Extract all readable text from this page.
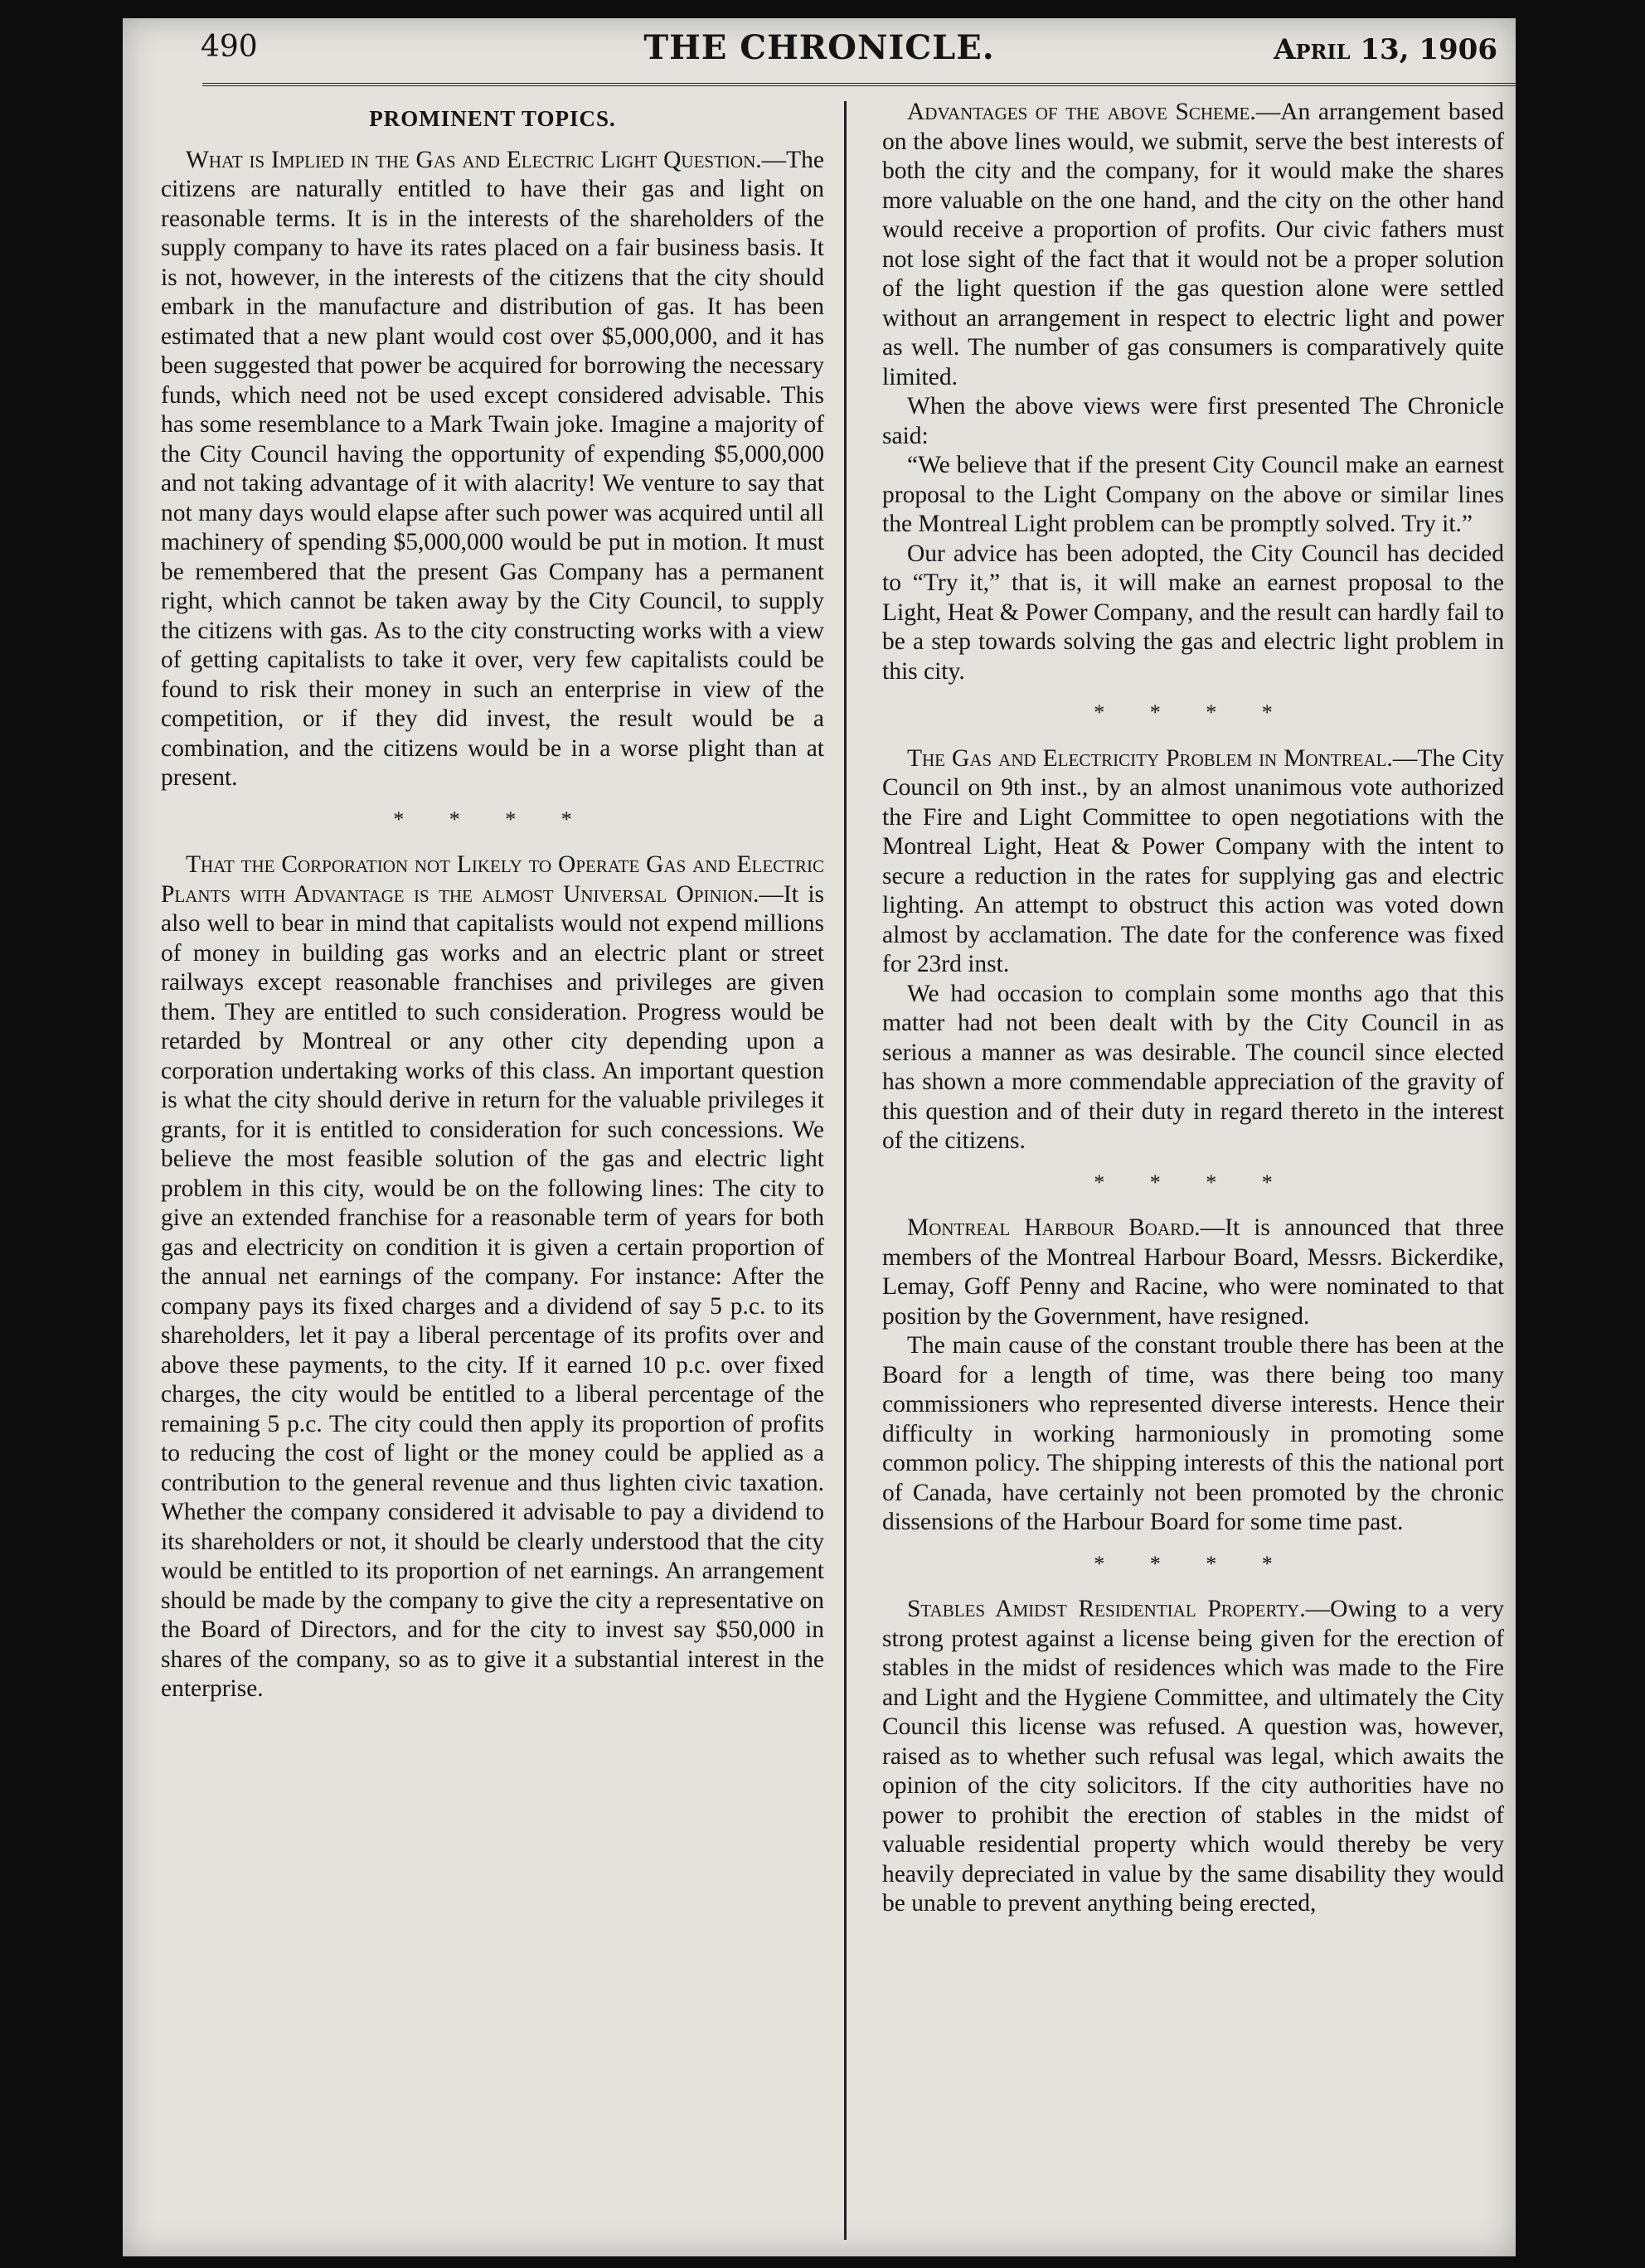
490	THE CHRONICLE.	April 13, 1906
PROMINENT TOPICS.

What is Implied in the Gas and Electric Light Question.—The citizens are naturally entitled to have their gas and light on reasonable terms. It is in the interests of the shareholders of the supply company to have its rates placed on a fair business basis. It is not, however, in the interests of the citizens that the city should embark in the manufacture and distribution of gas. It has been estimated that a new plant would cost over $5,000,000, and it has been suggested that power be acquired for borrowing the necessary funds, which need not be used except considered advisable. This has some resemblance to a Mark Twain joke. Imagine a majority of the City Council having the opportunity of expending $5,000,000 and not taking advantage of it with alacrity! We venture to say that not many days would elapse after such power was acquired until all machinery of spending $5,000,000 would be put in motion. It must be remembered that the present Gas Company has a permanent right, which cannot be taken away by the City Council, to supply the citizens with gas. As to the city constructing works with a view of getting capitalists to take it over, very few capitalists could be found to risk their money in such an enterprise in view of the competition, or if they did invest, the result would be a combination, and the citizens would be in a worse plight than at present.

* * * *

That the Corporation not Likely to Operate Gas and Electric Plants with Advantage is the almost Universal Opinion.—It is also well to bear in mind that capitalists would not expend millions of money in building gas works and an electric plant or street railways except reasonable franchises and privileges are given them. They are entitled to such consideration. Progress would be retarded by Montreal or any other city depending upon a corporation undertaking works of this class. An important question is what the city should derive in return for the valuable privileges it grants, for it is entitled to consideration for such concessions. We believe the most feasible solution of the gas and electric light problem in this city, would be on the following lines: The city to give an extended franchise for a reasonable term of years for both gas and electricity on condition it is given a certain proportion of the annual net earnings of the company. For instance: After the company pays its fixed charges and a dividend of say 5 p.c. to its shareholders, let it pay a liberal percentage of its profits over and above these payments, to the city. If it earned 10 p.c. over fixed charges, the city would be entitled to a liberal percentage of the remaining 5 p.c. The city could then apply its proportion of profits to reducing the cost of light or the money could be applied as a contribution to the general revenue and thus lighten civic taxation. Whether the company considered it advisable to pay a dividend to its shareholders or not, it should be clearly understood that the city would be entitled to its proportion of net earnings. An arrangement should be made by the company to give the city a representative on the Board of Directors, and for the city to invest say $50,000 in shares of the company, so as to give it a substantial interest in the enterprise.

Advantages of the above Scheme.—An arrangement based on the above lines would, we submit, serve the best interests of both the city and the company, for it would make the shares more valuable on the one hand, and the city on the other hand would receive a proportion of profits. Our civic fathers must not lose sight of the fact that it would not be a proper solution of the light question if the gas question alone were settled without an arrangement in respect to electric light and power as well. The number of gas consumers is comparatively quite limited.

When the above views were first presented The Chronicle said:

“We believe that if the present City Council make an earnest proposal to the Light Company on the above or similar lines the Montreal Light problem can be promptly solved. Try it.”

Our advice has been adopted, the City Council has decided to “Try it,” that is, it will make an earnest proposal to the Light, Heat & Power Company, and the result can hardly fail to be a step towards solving the gas and electric light problem in this city.

* * * *

The Gas and Electricity Problem in Montreal.—The City Council on 9th inst., by an almost unanimous vote authorized the Fire and Light Committee to open negotiations with the Montreal Light, Heat & Power Company with the intent to secure a reduction in the rates for supplying gas and electric lighting. An attempt to obstruct this action was voted down almost by acclamation. The date for the conference was fixed for 23rd inst.

We had occasion to complain some months ago that this matter had not been dealt with by the City Council in as serious a manner as was desirable. The council since elected has shown a more commendable appreciation of the gravity of this question and of their duty in regard thereto in the interest of the citizens.

* * * *

Montreal Harbour Board.—It is announced that three members of the Montreal Harbour Board, Messrs. Bickerdike, Lemay, Goff Penny and Racine, who were nominated to that position by the Government, have resigned.

The main cause of the constant trouble there has been at the Board for a length of time, was there being too many commissioners who represented diverse interests. Hence their difficulty in working harmoniously in promoting some common policy. The shipping interests of this the national port of Canada, have certainly not been promoted by the chronic dissensions of the Harbour Board for some time past.

* * * *

Stables Amidst Residential Property.—Owing to a very strong protest against a license being given for the erection of stables in the midst of residences which was made to the Fire and Light and the Hygiene Committee, and ultimately the City Council this license was refused. A question was, however, raised as to whether such refusal was legal, which awaits the opinion of the city solicitors. If the city authorities have no power to prohibit the erection of stables in the midst of valuable residential property which would thereby be very heavily depreciated in value by the same disability they would be unable to prevent anything being erected,
